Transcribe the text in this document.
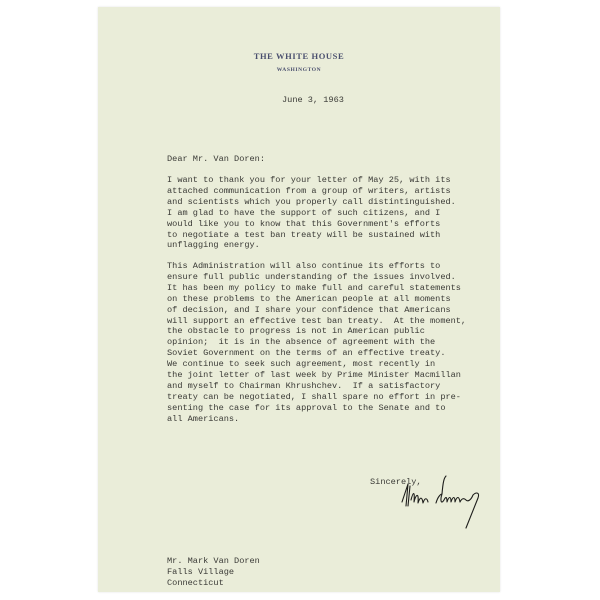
THE WHITE HOUSE
WASHINGTON
June 3, 1963
Dear Mr. Van Doren:
I want to thank you for your letter of May 25, with its
attached communication from a group of writers, artists
and scientists which you properly call distintinguished.
I am glad to have the support of such citizens, and I
would like you to know that this Government's efforts
to negotiate a test ban treaty will be sustained with
unflagging energy.
This Administration will also continue its efforts to
ensure full public understanding of the issues involved.
It has been my policy to make full and careful statements
on these problems to the American people at all moments
of decision, and I share your confidence that Americans
will support an effective test ban treaty.  At the moment,
the obstacle to progress is not in American public
opinion;  it is in the absence of agreement with the
Soviet Government on the terms of an effective treaty.
We continue to seek such agreement, most recently in
the joint letter of last week by Prime Minister Macmillan
and myself to Chairman Khrushchev.  If a satisfactory
treaty can be negotiated, I shall spare no effort in pre-
senting the case for its approval to the Senate and to
all Americans.
Sincerely,
Mr. Mark Van Doren
Falls Village
Connecticut
